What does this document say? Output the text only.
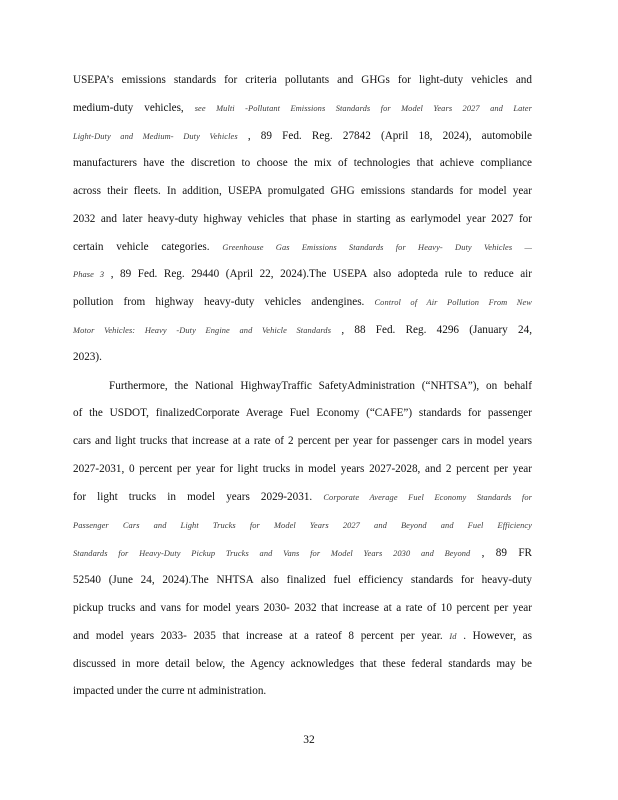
USEPA’s emissions standards for criteria pollutants and GHGs for light-duty vehicles and
medium-duty vehicles, see Multi -Pollutant Emissions Standards for Model Years 2027 and Later
Light-Duty and Medium- Duty Vehicles , 89 Fed. Reg. 27842 (April 18, 2024), automobile
manufacturers have the discretion to choose the mix of technologies that achieve compliance
across their fleets. In addition, USEPA promulgated GHG emissions standards for model year
2032 and later heavy-duty highway vehicles that phase in starting as earlymodel year 2027 for
certain vehicle categories. Greenhouse Gas Emissions Standards for Heavy- Duty Vehicles —
Phase 3 , 89 Fed. Reg. 29440 (April 22, 2024).The USEPA also adopteda rule to reduce air
pollution from highway heavy-duty vehicles andengines. Control of Air Pollution From New
Motor Vehicles: Heavy -Duty Engine and Vehicle Standards , 88 Fed. Reg. 4296 (January 24,
2023).
Furthermore, the National HighwayTraffic SafetyAdministration (“NHTSA”), on behalf
of the USDOT, finalizedCorporate Average Fuel Economy (“CAFE”) standards for passenger
cars and light trucks that increase at a rate of 2 percent per year for passenger cars in model years
2027-2031, 0 percent per year for light trucks in model years 2027-2028, and 2 percent per year
for light trucks in model years 2029-2031. Corporate Average Fuel Economy Standards for
Passenger Cars and Light Trucks for Model Years 2027 and Beyond and Fuel Efficiency
Standards for Heavy-Duty Pickup Trucks and Vans for Model Years 2030 and Beyond , 89 FR
52540 (June 24, 2024).The NHTSA also finalized fuel efficiency standards for heavy-duty
pickup trucks and vans for model years 2030- 2032 that increase at a rate of 10 percent per year
and model years 2033- 2035 that increase at a rateof 8 percent per year. Id . However, as
discussed in more detail below, the Agency acknowledges that these federal standards may be
impacted under the curre nt administration.
32
